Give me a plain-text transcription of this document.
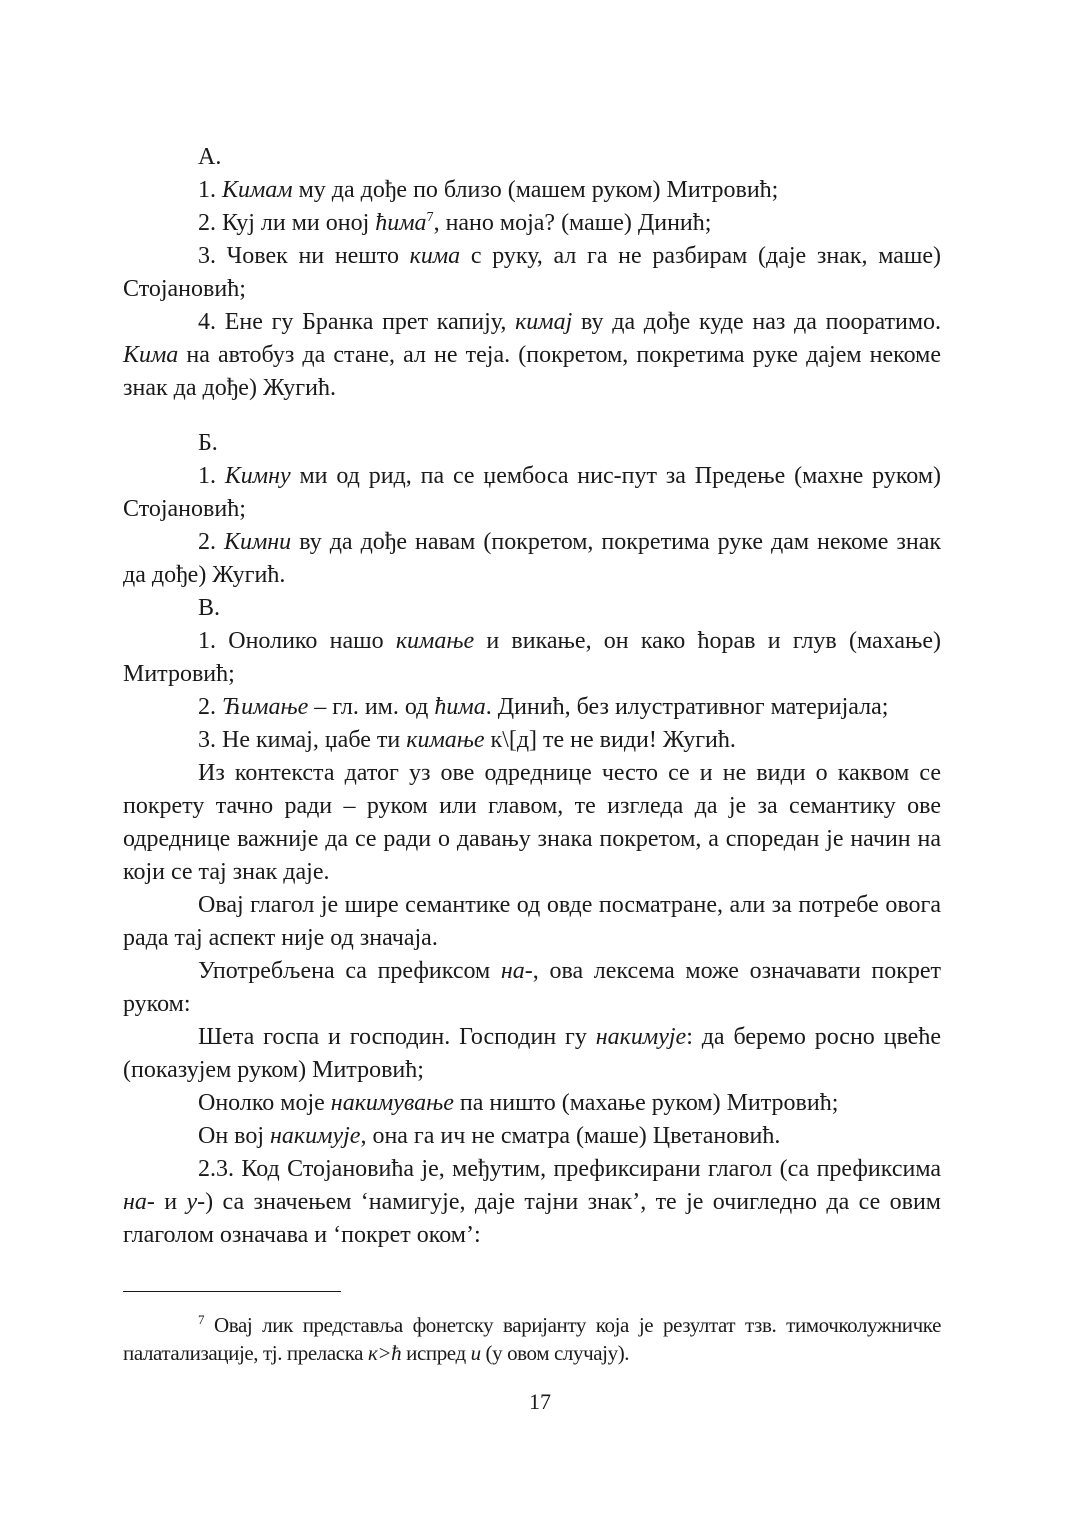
А.

1. Кимам му да дође по близо (машем руком) Митровић;

2. Куј ли ми оној ћима$^7$, нано моја? (маше) Динић;

3. Човек ни нешто кима с руку, ал га не разбирам (даје знак, маше) Стојановић;

4. Ене гу Бранка прет капију, кимај ву да дође куде наз да пооратимо. Кима на автобуз да стане, ал не теја. (покретом, покретима руке дајем некоме знак да дође) Жугић.

Б.

1. Кимну ми од рид, па се џембоса нис-пут за Предење (махне руком) Стојановић;

2. Кимни ву да дође навам (покретом, покретима руке дам некоме знак да дође) Жугић.

В.

1. Онолико нашо кимање и викање, он како ћорав и глув (махање) Митровић;

2. Ћимање – гл. им. од ћима. Динић, без илустративног материјала;

3. Не кимај, џабе ти кимање к\[д] те не види! Жугић.

Из контекста датог уз ове одреднице често се и не види о каквом се покрету тачно ради – руком или главом, те изгледа да је за семантику ове одреднице важније да се ради о давању знака покретом, а споредан је начин на који се тај знак даје.

Овај глагол је шире семантике од овде посматране, али за потребе овога рада тај аспект није од значаја.

Употребљена са префиксом на-, ова лексема може означавати покрет руком:

Шета госпа и господин. Господин гу накимује: да беремо росно цвеће (показујем руком) Митровић;

Онолко моје накимување па ништо (махање руком) Митровић;

Он вој накимује, она га ич не сматра (маше) Цветановић.

2.3. Код Стојановића је, међутим, префиксирани глагол (са префиксима на- и у-) са значењем ‘намигује, даје тајни знак’, те је очигледно да се овим глаголом означава и ‘покрет оком’:

$^7$ Овај лик представља фонетску варијанту која је резултат тзв. тимочколужничке палатализације, тј. преласка к>ћ испред и (у овом случају).

17
